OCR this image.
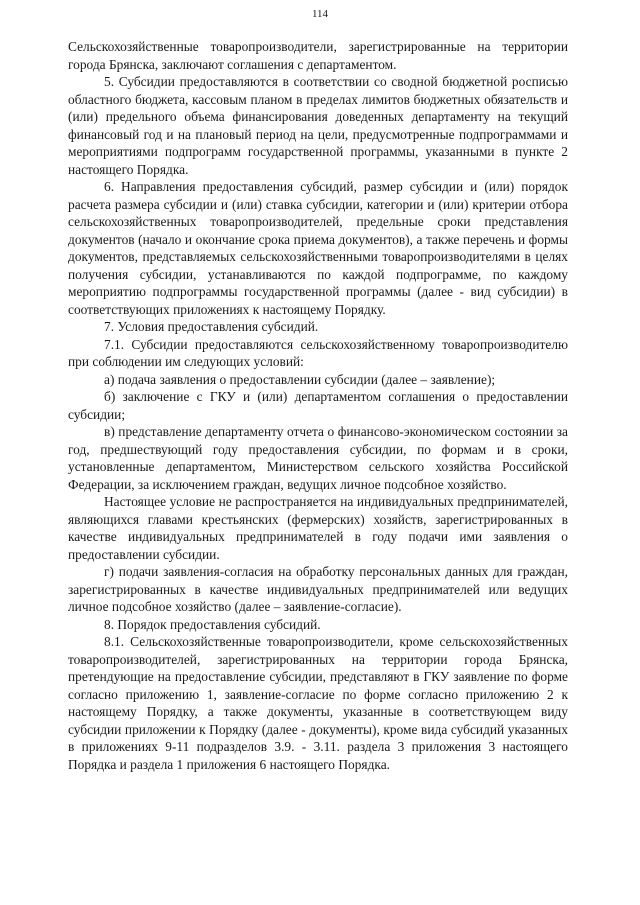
114

Сельскохозяйственные товаропроизводители, зарегистрированные на территории города Брянска, заключают соглашения с департаментом.

5. Субсидии предоставляются в соответствии со сводной бюджетной росписью областного бюджета, кассовым планом в пределах лимитов бюджетных обязательств и (или) предельного объема финансирования доведенных департаменту на текущий финансовый год и на плановый период на цели, предусмотренные подпрограммами и мероприятиями подпрограмм государственной программы, указанными в пункте 2 настоящего Порядка.

6. Направления предоставления субсидий, размер субсидии и (или) порядок расчета размера субсидии и (или) ставка субсидии, категории и (или) критерии отбора сельскохозяйственных товаропроизводителей, предельные сроки представления документов (начало и окончание срока приема документов), а также перечень и формы документов, представляемых сельскохозяйственными товаропроизводителями в целях получения субсидии, устанавливаются по каждой подпрограмме, по каждому мероприятию подпрограммы государственной программы (далее - вид субсидии) в соответствующих приложениях к настоящему Порядку.

7. Условия предоставления субсидий.

7.1. Субсидии предоставляются сельскохозяйственному товаропроизводителю при соблюдении им следующих условий:

а) подача заявления о предоставлении субсидии (далее – заявление);

б) заключение с ГКУ и (или) департаментом соглашения о предоставлении субсидии;

в) представление департаменту отчета о финансово-экономическом состоянии за год, предшествующий году предоставления субсидии, по формам и в сроки, установленные департаментом, Министерством сельского хозяйства Российской Федерации, за исключением граждан, ведущих личное подсобное хозяйство.

Настоящее условие не распространяется на индивидуальных предпринимателей, являющихся главами крестьянских (фермерских) хозяйств, зарегистрированных в качестве индивидуальных предпринимателей в году подачи ими заявления о предоставлении субсидии.

г) подачи заявления-согласия на обработку персональных данных для граждан, зарегистрированных в качестве индивидуальных предпринимателей или ведущих личное подсобное хозяйство (далее – заявление-согласие).

8. Порядок предоставления субсидий.

8.1. Сельскохозяйственные товаропроизводители, кроме сельскохозяйственных товаропроизводителей, зарегистрированных на территории города Брянска, претендующие на предоставление субсидии, представляют в ГКУ заявление по форме согласно приложению 1, заявление-согласие по форме согласно приложению 2 к настоящему Порядку, а также документы, указанные в соответствующем виду субсидии приложении к Порядку (далее - документы), кроме вида субсидий указанных в приложениях 9-11 подразделов 3.9. - 3.11. раздела 3 приложения 3 настоящего Порядка и раздела 1 приложения 6 настоящего Порядка.
